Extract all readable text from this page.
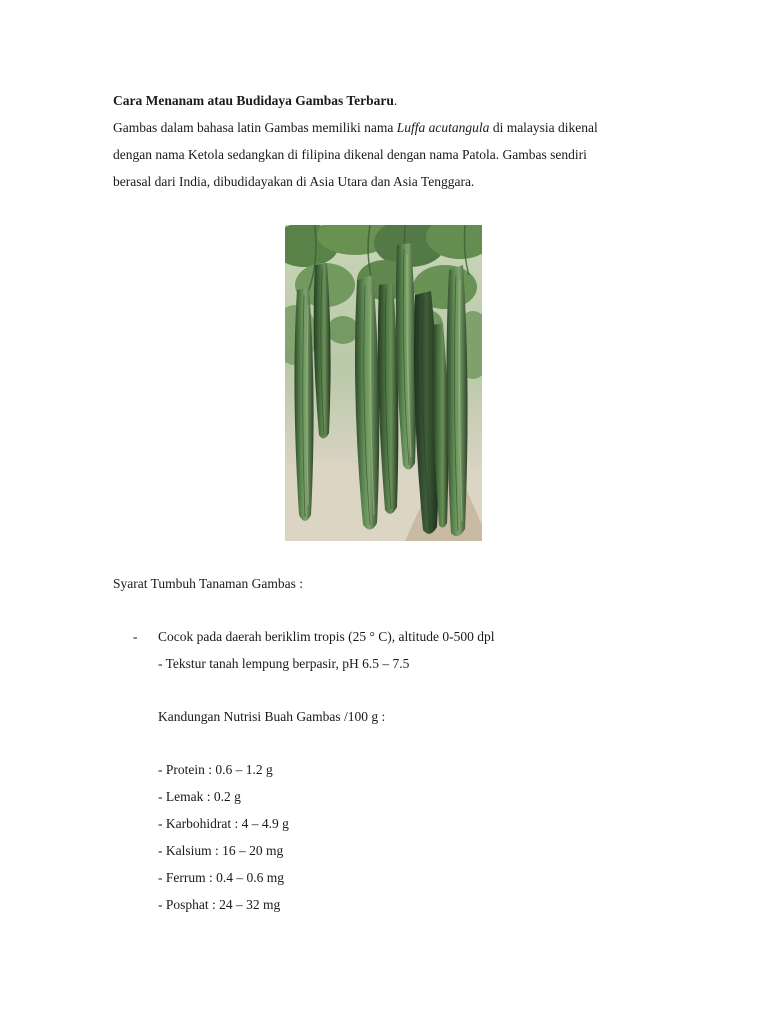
Cara Menanam atau Budidaya Gambas Terbaru.
Gambas dalam bahasa latin Gambas memiliki nama Luffa acutangula di malaysia dikenal
dengan nama Ketola sedangkan di filipina dikenal dengan nama Patola. Gambas sendiri
berasal dari India, dibudidayakan di Asia Utara dan Asia Tenggara.
Syarat Tumbuh Tanaman Gambas :
- Cocok pada daerah beriklim tropis (25 ° C), altitude 0-500 dpl
- Tekstur tanah lempung berpasir, pH 6.5 – 7.5
Kandungan Nutrisi Buah Gambas /100 g :
- Protein : 0.6 – 1.2 g
- Lemak : 0.2 g
- Karbohidrat : 4 – 4.9 g
- Kalsium : 16 – 20 mg
- Ferrum : 0.4 – 0.6 mg
- Posphat : 24 – 32 mg
